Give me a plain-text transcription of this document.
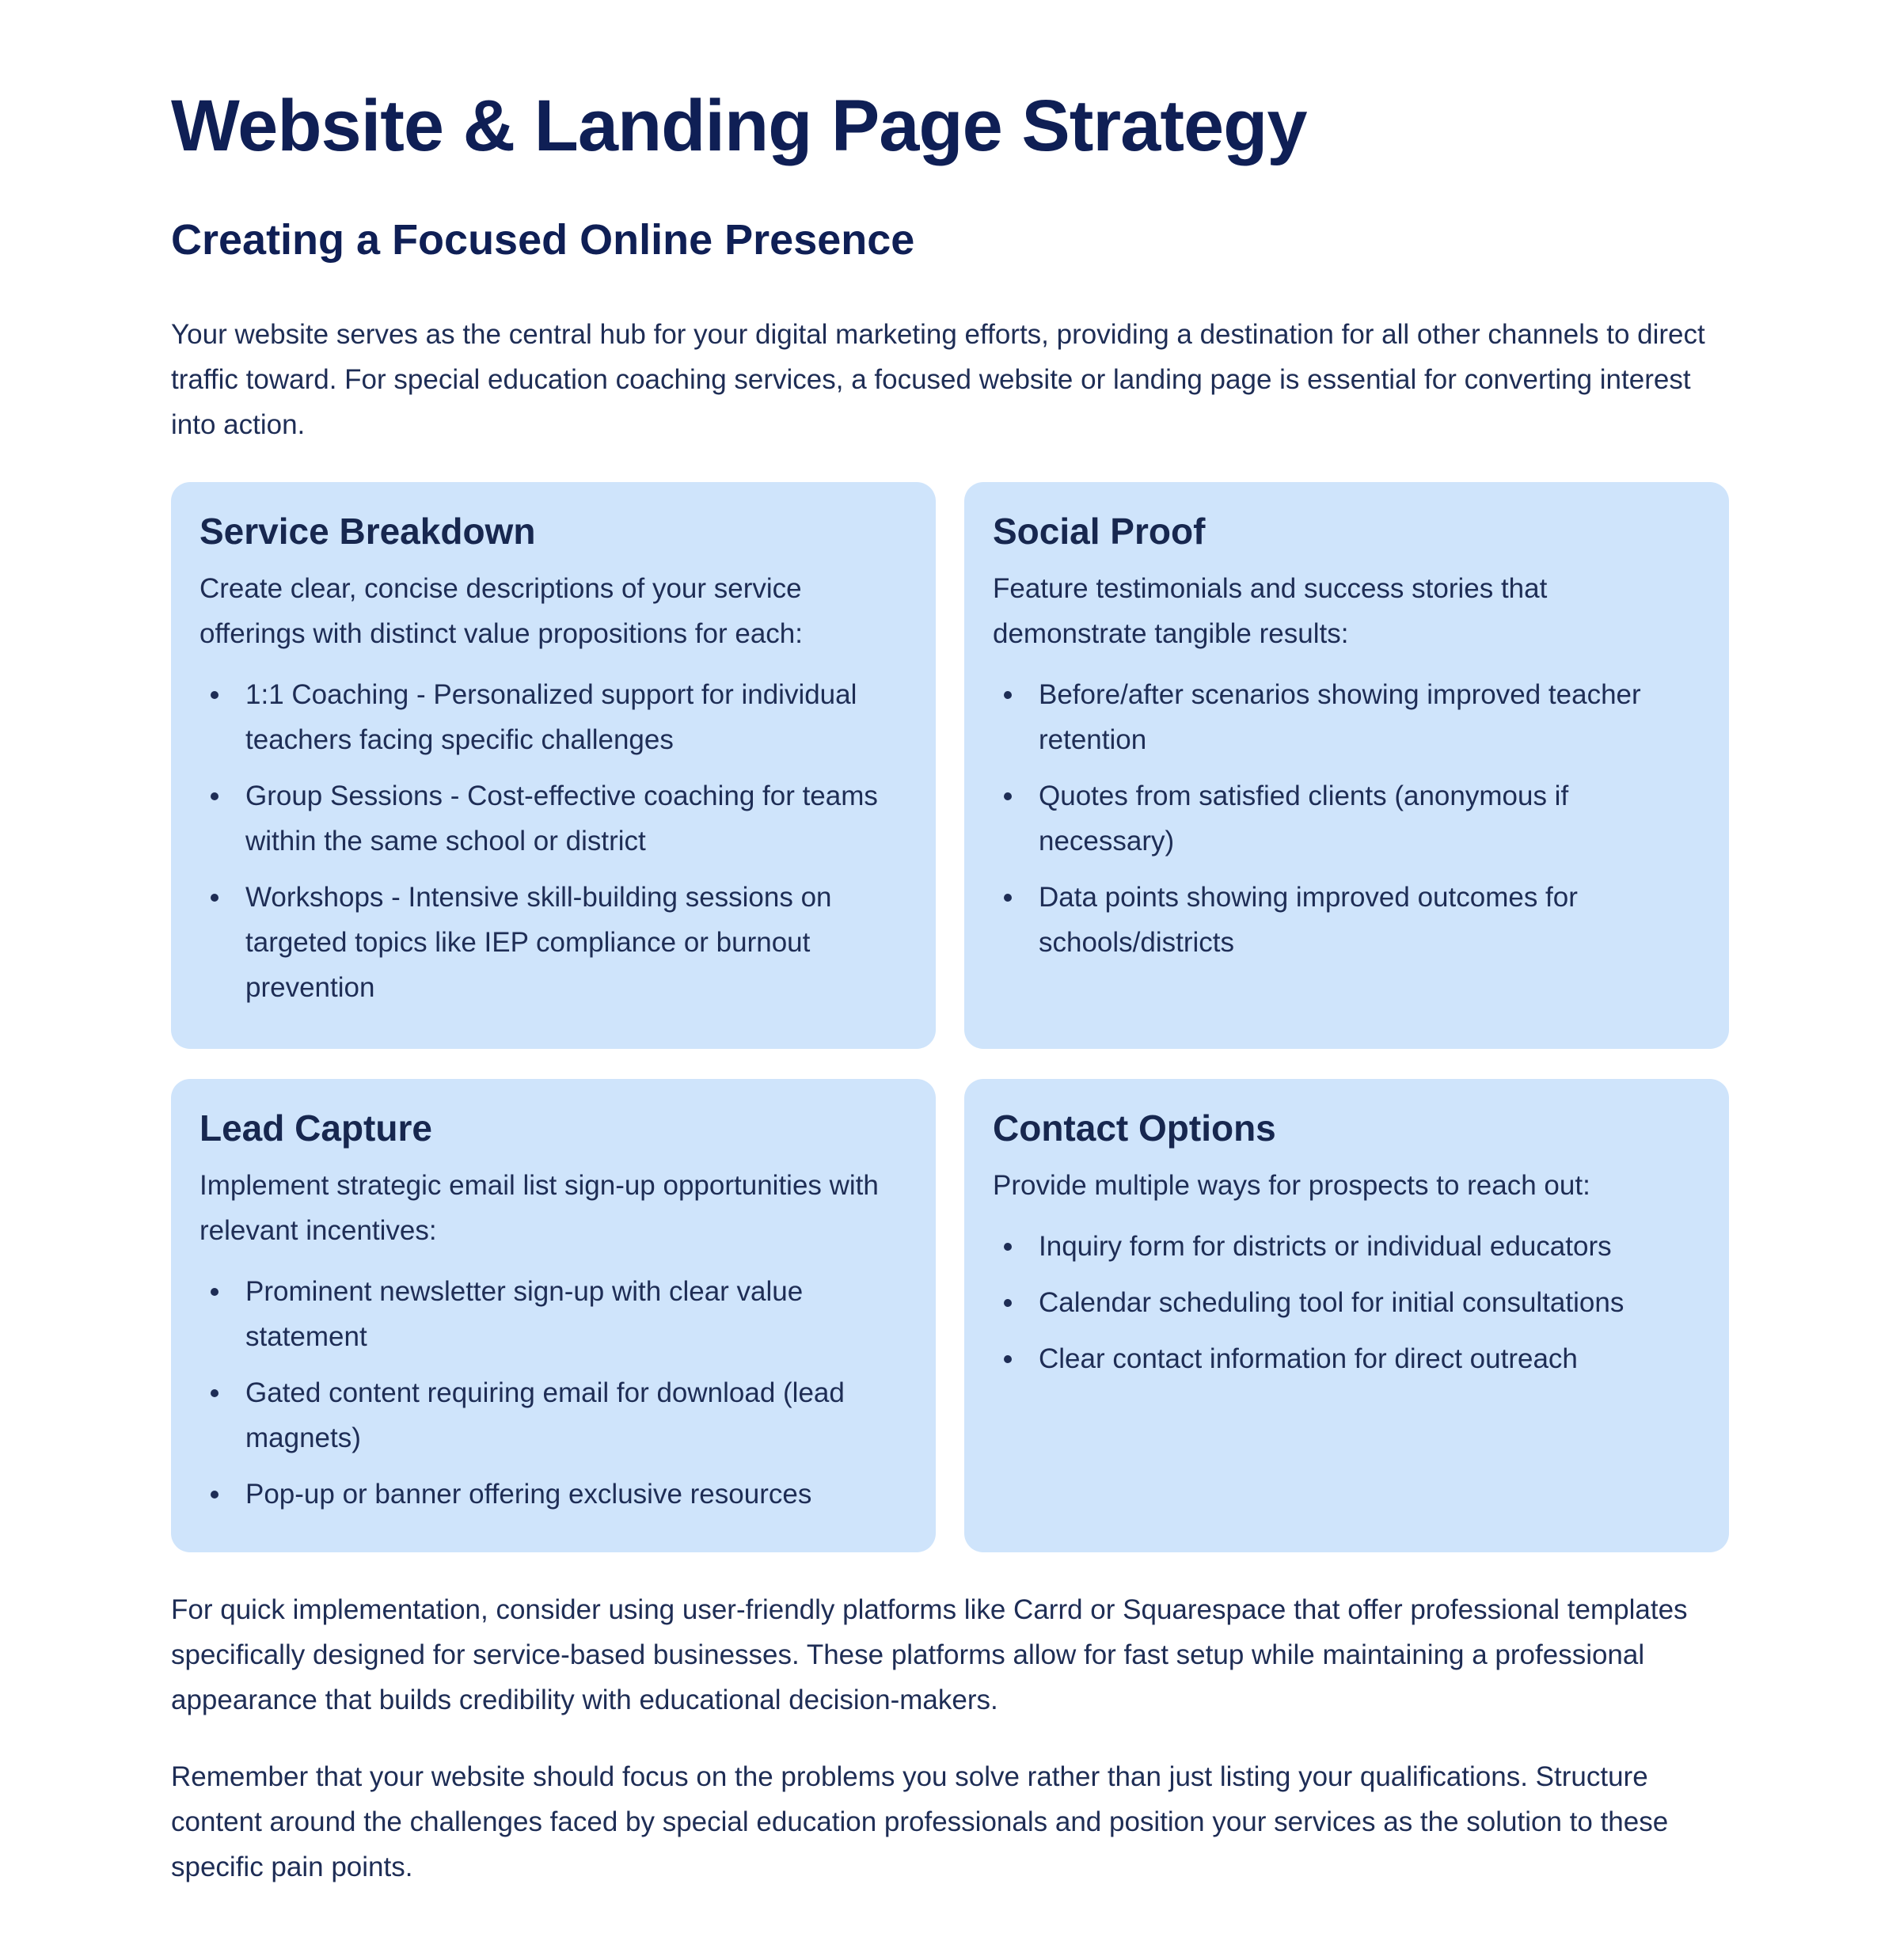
Website & Landing Page Strategy
Creating a Focused Online Presence

Your website serves as the central hub for your digital marketing efforts, providing a destination for all other channels to direct traffic toward. For special education coaching services, a focused website or landing page is essential for converting interest into action.

Service Breakdown

Create clear, concise descriptions of your service offerings with distinct value propositions for each:

1:1 Coaching - Personalized support for individual teachers facing specific challenges
Group Sessions - Cost-effective coaching for teams within the same school or district
Workshops - Intensive skill-building sessions on targeted topics like IEP compliance or burnout prevention
Social Proof

Feature testimonials and success stories that demonstrate tangible results:

Before/after scenarios showing improved teacher retention
Quotes from satisfied clients (anonymous if necessary)
Data points showing improved outcomes for schools/districts
Lead Capture

Implement strategic email list sign-up opportunities with relevant incentives:

Prominent newsletter sign-up with clear value statement
Gated content requiring email for download (lead magnets)
Pop-up or banner offering exclusive resources
Contact Options

Provide multiple ways for prospects to reach out:

Inquiry form for districts or individual educators
Calendar scheduling tool for initial consultations
Clear contact information for direct outreach

For quick implementation, consider using user-friendly platforms like Carrd or Squarespace that offer professional templates specifically designed for service-based businesses. These platforms allow for fast setup while maintaining a professional appearance that builds credibility with educational decision-makers.

Remember that your website should focus on the problems you solve rather than just listing your qualifications. Structure content around the challenges faced by special education professionals and position your services as the solution to these specific pain points.
